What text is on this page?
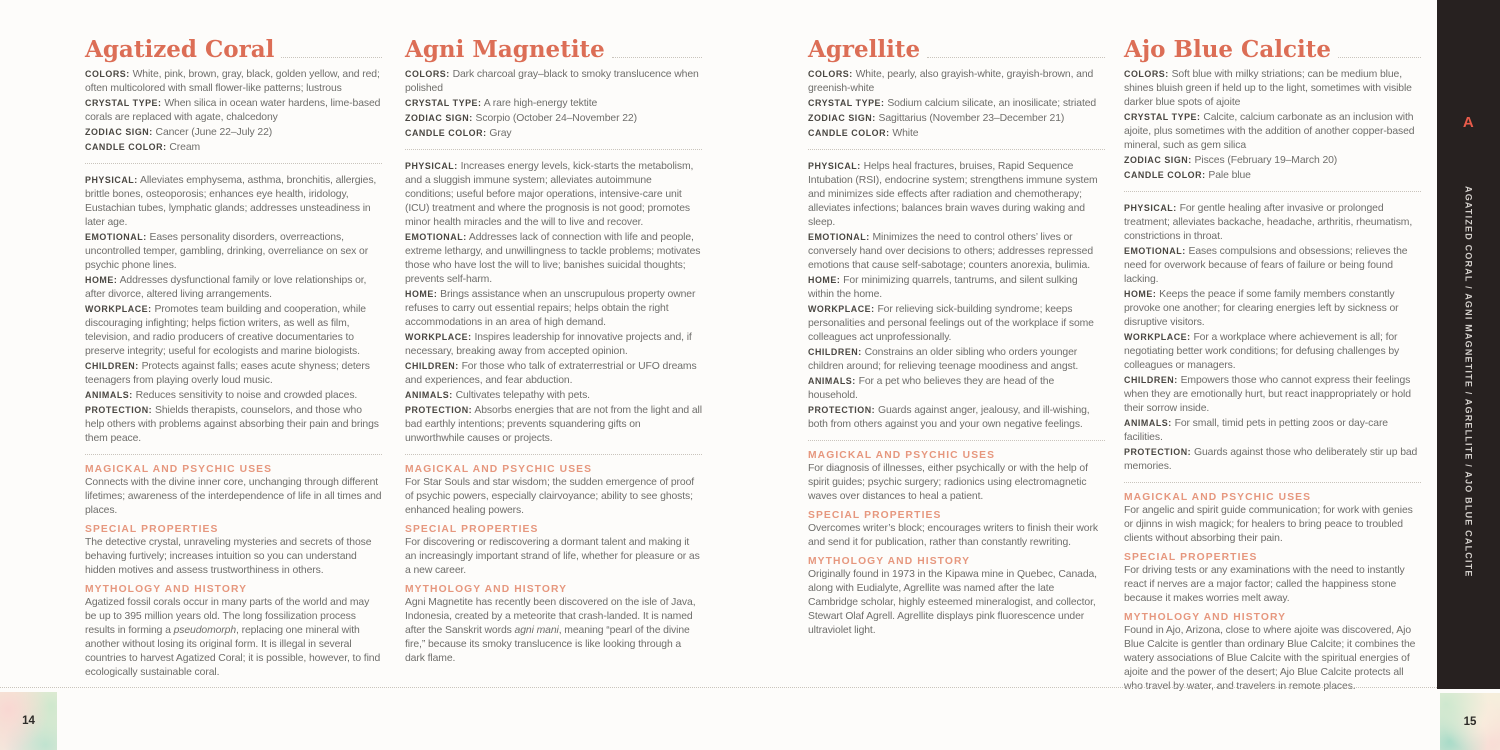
Agatized Coral

COLORS: White, pink, brown, gray, black, golden yellow, and red; often multicolored with small flower-like patterns; lustrous

CRYSTAL TYPE: When silica in ocean water hardens, lime-based corals are replaced with agate, chalcedony

ZODIAC SIGN: Cancer (June 22–July 22)

CANDLE COLOR: Cream

PHYSICAL: Alleviates emphysema, asthma, bronchitis, allergies, brittle bones, osteoporosis; enhances eye health, iridology, Eustachian tubes, lymphatic glands; addresses unsteadiness in later age.

EMOTIONAL: Eases personality disorders, overreactions, uncontrolled temper, gambling, drinking, overreliance on sex or psychic phone lines.

HOME: Addresses dysfunctional family or love relationships or, after divorce, altered living arrangements.

WORKPLACE: Promotes team building and cooperation, while discouraging infighting; helps fiction writers, as well as film, television, and radio producers of creative documentaries to preserve integrity; useful for ecologists and marine biologists.

CHILDREN: Protects against falls; eases acute shyness; deters teenagers from playing overly loud music.

ANIMALS: Reduces sensitivity to noise and crowded places.

PROTECTION: Shields therapists, counselors, and those who help others with problems against absorbing their pain and brings them peace.

MAGICKAL AND PSYCHIC USES

Connects with the divine inner core, unchanging through different lifetimes; awareness of the interdependence of life in all times and places.

SPECIAL PROPERTIES

The detective crystal, unraveling mysteries and secrets of those behaving furtively; increases intuition so you can understand hidden motives and assess trustworthiness in others.

MYTHOLOGY AND HISTORY

Agatized fossil corals occur in many parts of the world and may be up to 395 million years old. The long fossilization process results in forming a pseudomorph, replacing one mineral with another without losing its original form. It is illegal in several countries to harvest Agatized Coral; it is possible, however, to find ecologically sustainable coral.

Agni Magnetite

COLORS: Dark charcoal gray–black to smoky translucence when polished

CRYSTAL TYPE: A rare high-energy tektite

ZODIAC SIGN: Scorpio (October 24–November 22)

CANDLE COLOR: Gray

PHYSICAL: Increases energy levels, kick-starts the metabolism, and a sluggish immune system; alleviates autoimmune conditions; useful before major operations, intensive-care unit (ICU) treatment and where the prognosis is not good; promotes minor health miracles and the will to live and recover.

EMOTIONAL: Addresses lack of connection with life and people, extreme lethargy, and unwillingness to tackle problems; motivates those who have lost the will to live; banishes suicidal thoughts; prevents self-harm.

HOME: Brings assistance when an unscrupulous property owner refuses to carry out essential repairs; helps obtain the right accommodations in an area of high demand.

WORKPLACE: Inspires leadership for innovative projects and, if necessary, breaking away from accepted opinion.

CHILDREN: For those who talk of extraterrestrial or UFO dreams and experiences, and fear abduction.

ANIMALS: Cultivates telepathy with pets.

PROTECTION: Absorbs energies that are not from the light and all bad earthly intentions; prevents squandering gifts on unworthwhile causes or projects.

MAGICKAL AND PSYCHIC USES

For Star Souls and star wisdom; the sudden emergence of proof of psychic powers, especially clairvoyance; ability to see ghosts; enhanced healing powers.

SPECIAL PROPERTIES

For discovering or rediscovering a dormant talent and making it an increasingly important strand of life, whether for pleasure or as a new career.

MYTHOLOGY AND HISTORY

Agni Magnetite has recently been discovered on the isle of Java, Indonesia, created by a meteorite that crash-landed. It is named after the Sanskrit words agni mani, meaning “pearl of the divine fire,” because its smoky translucence is like looking through a dark flame.

Agrellite

COLORS: White, pearly, also grayish-white, grayish-brown, and greenish-white

CRYSTAL TYPE: Sodium calcium silicate, an inosilicate; striated

ZODIAC SIGN: Sagittarius (November 23–December 21)

CANDLE COLOR: White

PHYSICAL: Helps heal fractures, bruises, Rapid Sequence Intubation (RSI), endocrine system; strengthens immune system and minimizes side effects after radiation and chemotherapy; alleviates infections; balances brain waves during waking and sleep.

EMOTIONAL: Minimizes the need to control others’ lives or conversely hand over decisions to others; addresses repressed emotions that cause self-sabotage; counters anorexia, bulimia.

HOME: For minimizing quarrels, tantrums, and silent sulking within the home.

WORKPLACE: For relieving sick-building syndrome; keeps personalities and personal feelings out of the workplace if some colleagues act unprofessionally.

CHILDREN: Constrains an older sibling who orders younger children around; for relieving teenage moodiness and angst.

ANIMALS: For a pet who believes they are head of the household.

PROTECTION: Guards against anger, jealousy, and ill-wishing, both from others against you and your own negative feelings.

MAGICKAL AND PSYCHIC USES

For diagnosis of illnesses, either psychically or with the help of spirit guides; psychic surgery; radionics using electromagnetic waves over distances to heal a patient.

SPECIAL PROPERTIES

Overcomes writer’s block; encourages writers to finish their work and send it for publication, rather than constantly rewriting.

MYTHOLOGY AND HISTORY

Originally found in 1973 in the Kipawa mine in Quebec, Canada, along with Eudialyte, Agrellite was named after the late Cambridge scholar, highly esteemed mineralogist, and collector, Stewart Olaf Agrell. Agrellite displays pink fluorescence under ultraviolet light.

Ajo Blue Calcite

COLORS: Soft blue with milky striations; can be medium blue, shines bluish green if held up to the light, sometimes with visible darker blue spots of ajoite

CRYSTAL TYPE: Calcite, calcium carbonate as an inclusion with ajoite, plus sometimes with the addition of another copper-based mineral, such as gem silica

ZODIAC SIGN: Pisces (February 19–March 20)

CANDLE COLOR: Pale blue

PHYSICAL: For gentle healing after invasive or prolonged treatment; alleviates backache, headache, arthritis, rheumatism, constrictions in throat.

EMOTIONAL: Eases compulsions and obsessions; relieves the need for overwork because of fears of failure or being found lacking.

HOME: Keeps the peace if some family members constantly provoke one another; for clearing energies left by sickness or disruptive visitors.

WORKPLACE: For a workplace where achievement is all; for negotiating better work conditions; for defusing challenges by colleagues or managers.

CHILDREN: Empowers those who cannot express their feelings when they are emotionally hurt, but react inappropriately or hold their sorrow inside.

ANIMALS: For small, timid pets in petting zoos or day-care facilities.

PROTECTION: Guards against those who deliberately stir up bad memories.

MAGICKAL AND PSYCHIC USES

For angelic and spirit guide communication; for work with genies or djinns in wish magick; for healers to bring peace to troubled clients without absorbing their pain.

SPECIAL PROPERTIES

For driving tests or any examinations with the need to instantly react if nerves are a major factor; called the happiness stone because it makes worries melt away.

MYTHOLOGY AND HISTORY

Found in Ajo, Arizona, close to where ajoite was discovered, Ajo Blue Calcite is gentler than ordinary Blue Calcite; it combines the watery associations of Blue Calcite with the spiritual energies of ajoite and the power of the desert; Ajo Blue Calcite protects all who travel by water, and travelers in remote places.

A
AGATIZED CORAL / AGNI MAGNETITE / AGRELLITE / AJO BLUE CALCITE
14	15
